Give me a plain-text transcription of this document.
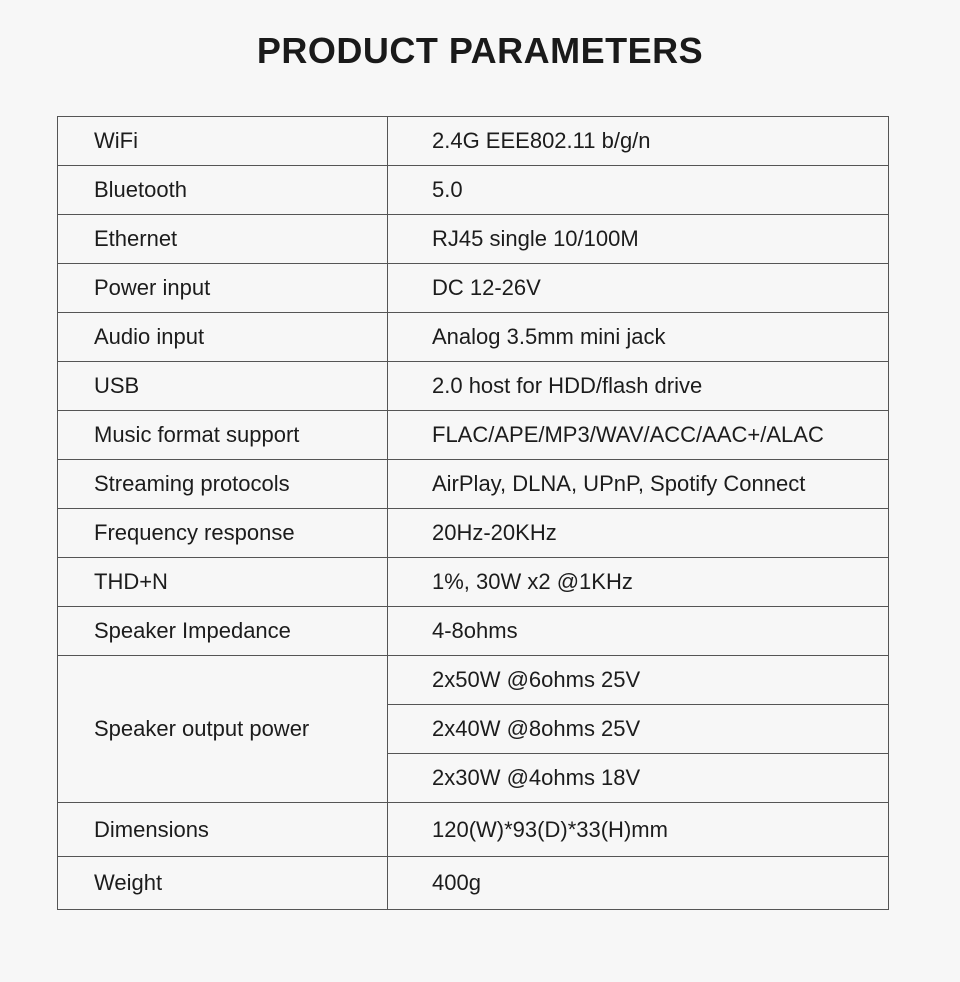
PRODUCT PARAMETERS
WiFi	2.4G EEE802.11 b/g/n
Bluetooth	5.0
Ethernet	RJ45 single 10/100M
Power input	DC 12-26V
Audio input	Analog 3.5mm mini jack
USB	2.0 host for HDD/flash drive
Music format support	FLAC/APE/MP3/WAV/ACC/AAC+/ALAC
Streaming protocols	AirPlay, DLNA, UPnP, Spotify Connect
Frequency response	20Hz-20KHz
THD+N	1%, 30W x2 @1KHz
Speaker Impedance	4-8ohms
Speaker output power	2x50W @6ohms 25V
	2x40W @8ohms 25V
	2x30W @4ohms 18V
Dimensions	120(W)*93(D)*33(H)mm
Weight	400g
